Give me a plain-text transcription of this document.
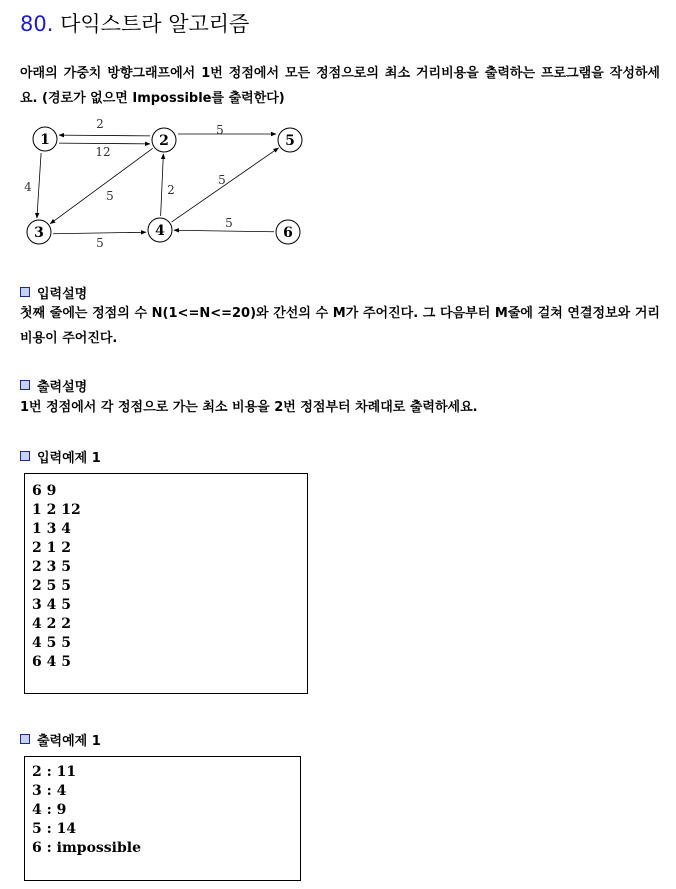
80. 다익스트라 알고리즘
아래의 가중치 방향그래프에서 1번 정점에서 모든 정점으로의 최소 거리비용을 출력하는 프로그램을 작성하세요. (경로가 없으면 Impossible를 출력한다)
12
4
2
5
5
5
2
5
5
1	2
3	4
5
6
입력설명
첫째 줄에는 정점의 수 N(1<=N<=20)와 간선의 수 M가 주어진다. 그 다음부터 M줄에 걸쳐 연결정보와 거리비용이 주어진다.
출력설명
1번 정점에서 각 정점으로 가는 최소 비용을 2번 정점부터 차례대로 출력하세요.
입력예제 1
6 9
1 2 12
1 3 4
2 1 2
2 3 5
2 5 5
3 4 5
4 2 2
4 5 5
6 4 5
출력예제 1
2 : 11
3 : 4
4 : 9
5 : 14
6 : impossible
